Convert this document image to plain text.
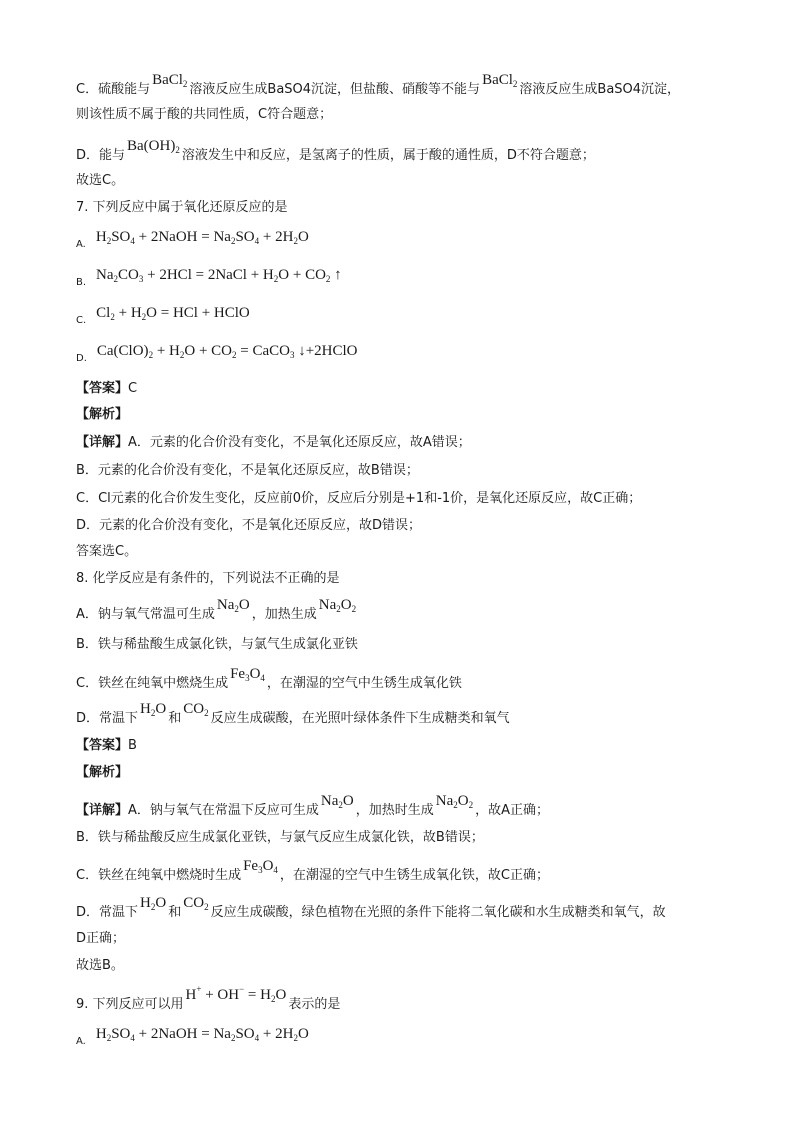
C．硫酸能与BaCl$_2$ 溶液反应生成BaSO4沉淀，但盐酸、硝酸等不能与BaCl$_2$ 溶液反应生成BaSO4沉淀，
则该性质不属于酸的共同性质，C符合题意；
D．能与$Ba(OH)_2$ 溶液发生中和反应，是氢离子的性质，属于酸的通性质，D不符合题意；
故选C。
7. 下列反应中属于氧化还原反应的是
$_{A.}$ $H_2SO_4$ + 2NaOH = $Na_2SO_4 + 2H_2O$
$_{B.}$ $Na_2CO_3 + 2HCl$ = 2NaCl + $H_2O + CO_2$ ↑
$_{C.}$ $Cl_2 + H_2O$ = HCl + HClO
$_{D.}$ $Ca(ClO)_2 + H_2O + CO_2$ = CaCO$_3$ ↓+2HClO
【答案】C
【解析】
【详解】A．元素的化合价没有变化，不是氧化还原反应，故A错误；
B．元素的化合价没有变化，不是氧化还原反应，故B错误；
C．Cl元素的化合价发生变化，反应前0价，反应后分别是+1和-1价，是氧化还原反应，故C正确；
D．元素的化合价没有变化，不是氧化还原反应，故D错误；
答案选C。
8. 化学反应是有条件的，下列说法不正确的是
A．钠与氧气常温可生成$Na_2O$，加热生成$Na_2O_2$
B．铁与稀盐酸生成氯化铁，与氯气生成氯化亚铁
C．铁丝在纯氧中燃烧生成$Fe_3O_4$ ，在潮湿的空气中生锈生成氧化铁
D．常温下$H_2O$和$CO_2$ 反应生成碳酸，在光照叶绿体条件下生成糖类和氧气
【答案】B
【解析】
【详解】A．钠与氧气在常温下反应可生成$Na_2O$，加热时生成$Na_2O_2$ ，故A正确；
B．铁与稀盐酸反应生成氯化亚铁，与氯气反应生成氯化铁，故B错误；
C．铁丝在纯氧中燃烧时生成$Fe_3O_4$ ，在潮湿的空气中生锈生成氧化铁，故C正确；
D．常温下$H_2O$和$CO_2$ 反应生成碳酸，绿色植物在光照的条件下能将二氧化碳和水生成糖类和氧气，故
D正确；
故选B。
9. 下列反应可以用$H^+ + OH^- = H_2O$表示的是
$_{A.}$ $H_2SO_4$ + 2NaOH = $Na_2SO_4 + 2H_2O$
